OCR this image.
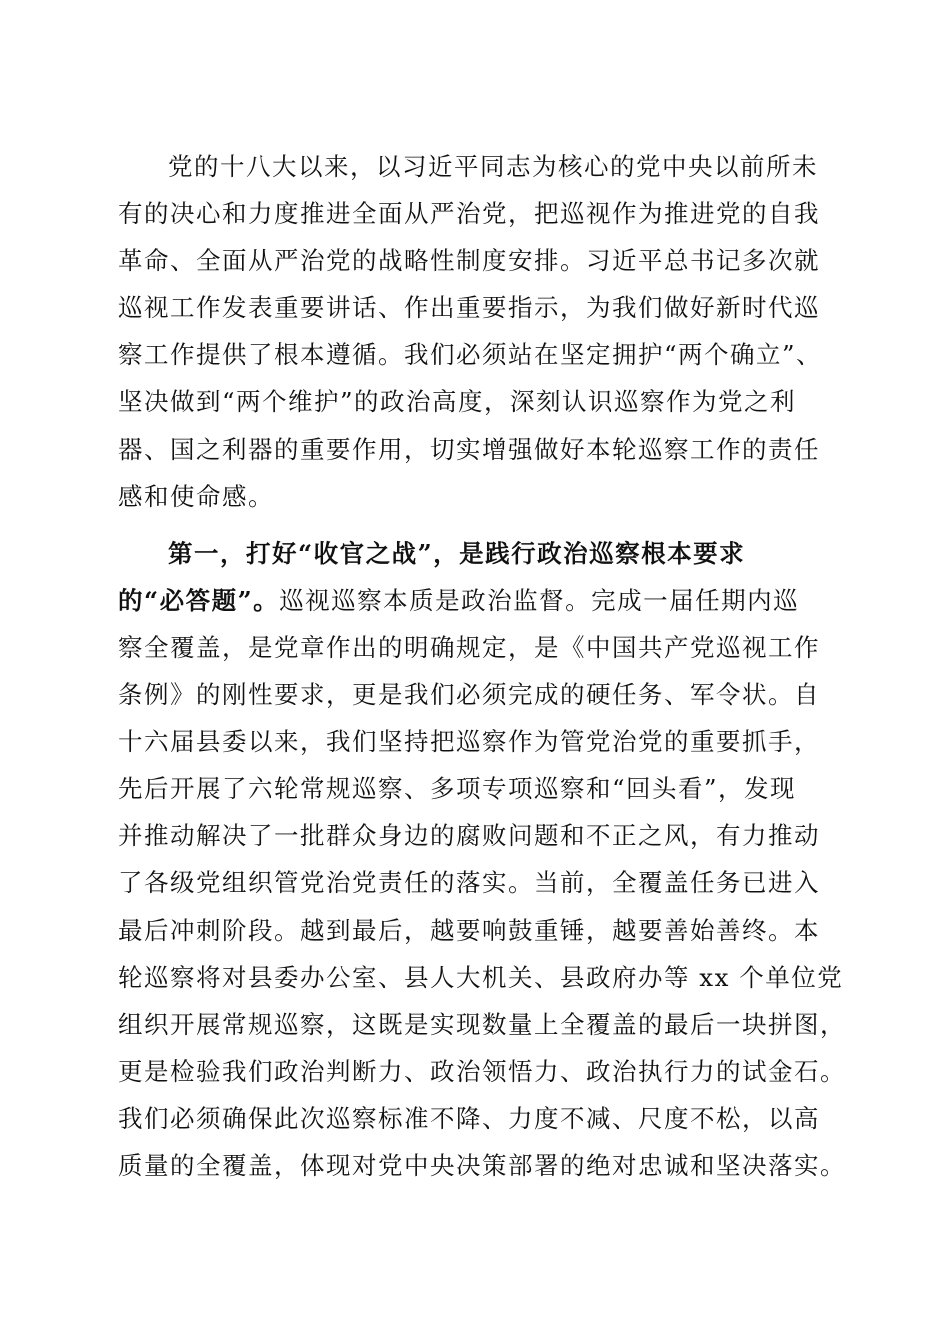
党的十八大以来，以习近平同志为核心的党中央以前所未
有的决心和力度推进全面从严治党，把巡视作为推进党的自我
革命、全面从严治党的战略性制度安排。习近平总书记多次就
巡视工作发表重要讲话、作出重要指示，为我们做好新时代巡
察工作提供了根本遵循。我们必须站在坚定拥护“两个确立”、
坚决做到“两个维护”的政治高度，深刻认识巡察作为党之利
器、国之利器的重要作用，切实增强做好本轮巡察工作的责任
感和使命感。
第一，打好“收官之战”，是践行政治巡察根本要求
的“必答题”。巡视巡察本质是政治监督。完成一届任期内巡
察全覆盖，是党章作出的明确规定，是《中国共产党巡视工作
条例》的刚性要求，更是我们必须完成的硬任务、军令状。自
十六届县委以来，我们坚持把巡察作为管党治党的重要抓手，
先后开展了六轮常规巡察、多项专项巡察和“回头看”，发现
并推动解决了一批群众身边的腐败问题和不正之风，有力推动
了各级党组织管党治党责任的落实。当前，全覆盖任务已进入
最后冲刺阶段。越到最后，越要响鼓重锤，越要善始善终。本
轮巡察将对县委办公室、县人大机关、县政府办等 xx 个单位党
组织开展常规巡察，这既是实现数量上全覆盖的最后一块拼图，
更是检验我们政治判断力、政治领悟力、政治执行力的试金石。
我们必须确保此次巡察标准不降、力度不减、尺度不松，以高
质量的全覆盖，体现对党中央决策部署的绝对忠诚和坚决落实。
